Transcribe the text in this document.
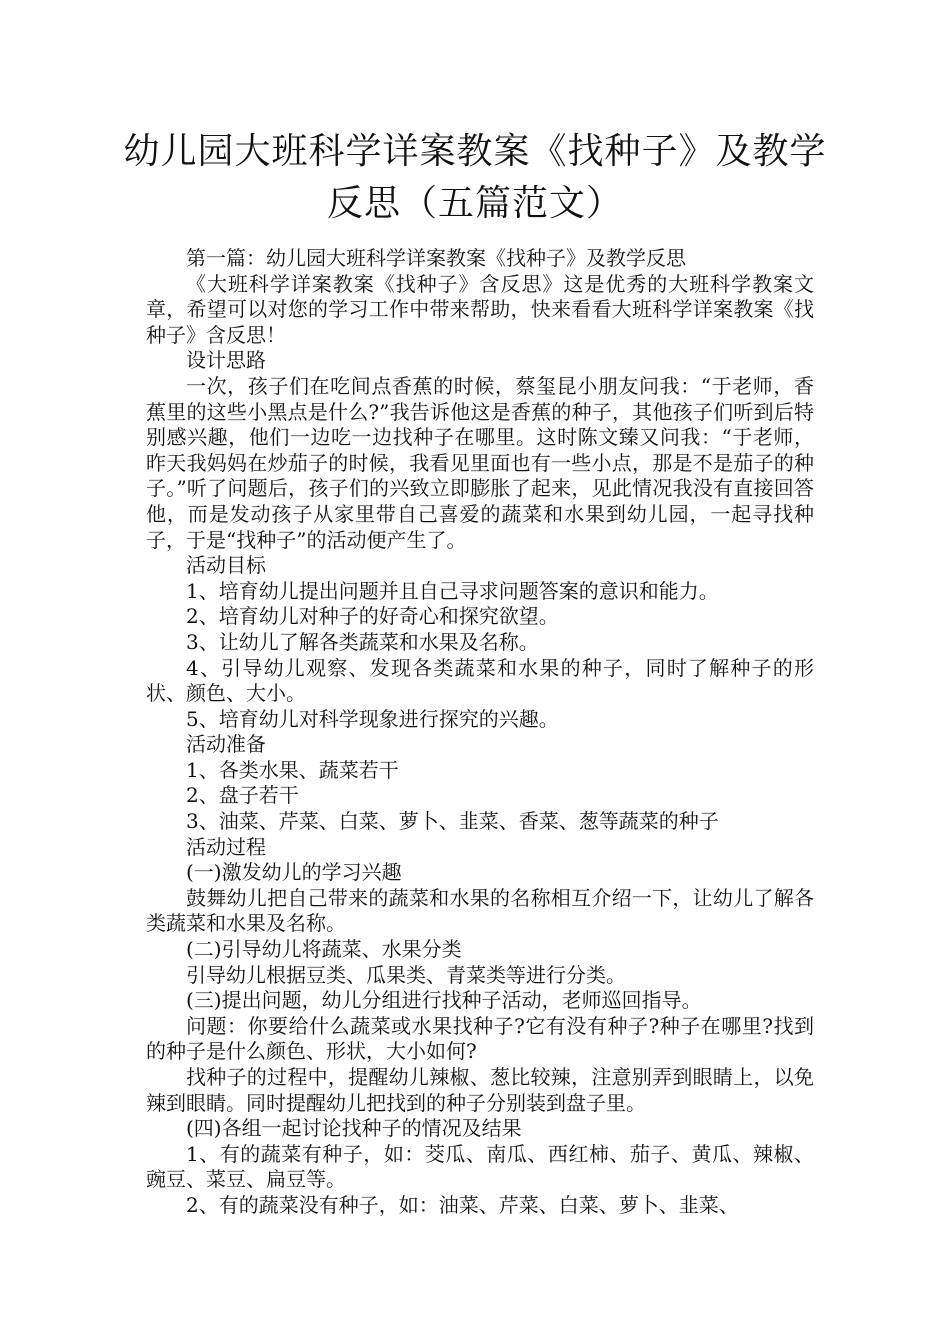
幼儿园大班科学详案教案《找种子》及教学反思（五篇范文）

第一篇：幼儿园大班科学详案教案《找种子》及教学反思

《大班科学详案教案《找种子》含反思》这是优秀的大班科学教案文章，希望可以对您的学习工作中带来帮助，快来看看大班科学详案教案《找种子》含反思！

设计思路

一次，孩子们在吃间点香蕉的时候，蔡玺昆小朋友问我：“于老师，香蕉里的这些小黑点是什么?”我告诉他这是香蕉的种子，其他孩子们听到后特别感兴趣，他们一边吃一边找种子在哪里。这时陈文臻又问我：“于老师，昨天我妈妈在炒茄子的时候，我看见里面也有一些小点，那是不是茄子的种子。”听了问题后，孩子们的兴致立即膨胀了起来，见此情况我没有直接回答他，而是发动孩子从家里带自己喜爱的蔬菜和水果到幼儿园，一起寻找种子，于是“找种子”的活动便产生了。

活动目标

1、培育幼儿提出问题并且自己寻求问题答案的意识和能力。

2、培育幼儿对种子的好奇心和探究欲望。

3、让幼儿了解各类蔬菜和水果及名称。

4、引导幼儿观察、发现各类蔬菜和水果的种子，同时了解种子的形状、颜色、大小。

5、培育幼儿对科学现象进行探究的兴趣。

活动准备

1、各类水果、蔬菜若干

2、盘子若干

3、油菜、芹菜、白菜、萝卜、韭菜、香菜、葱等蔬菜的种子

活动过程

(一)激发幼儿的学习兴趣

鼓舞幼儿把自己带来的蔬菜和水果的名称相互介绍一下，让幼儿了解各类蔬菜和水果及名称。

(二)引导幼儿将蔬菜、水果分类

引导幼儿根据豆类、瓜果类、青菜类等进行分类。

(三)提出问题，幼儿分组进行找种子活动，老师巡回指导。

问题：你要给什么蔬菜或水果找种子?它有没有种子?种子在哪里?找到的种子是什么颜色、形状，大小如何?

找种子的过程中，提醒幼儿辣椒、葱比较辣，注意别弄到眼睛上，以免辣到眼睛。同时提醒幼儿把找到的种子分别装到盘子里。

(四)各组一起讨论找种子的情况及结果

1、有的蔬菜有种子，如：茭瓜、南瓜、西红柿、茄子、黄瓜、辣椒、豌豆、菜豆、扁豆等。

2、有的蔬菜没有种子，如：油菜、芹菜、白菜、萝卜、韭菜、
